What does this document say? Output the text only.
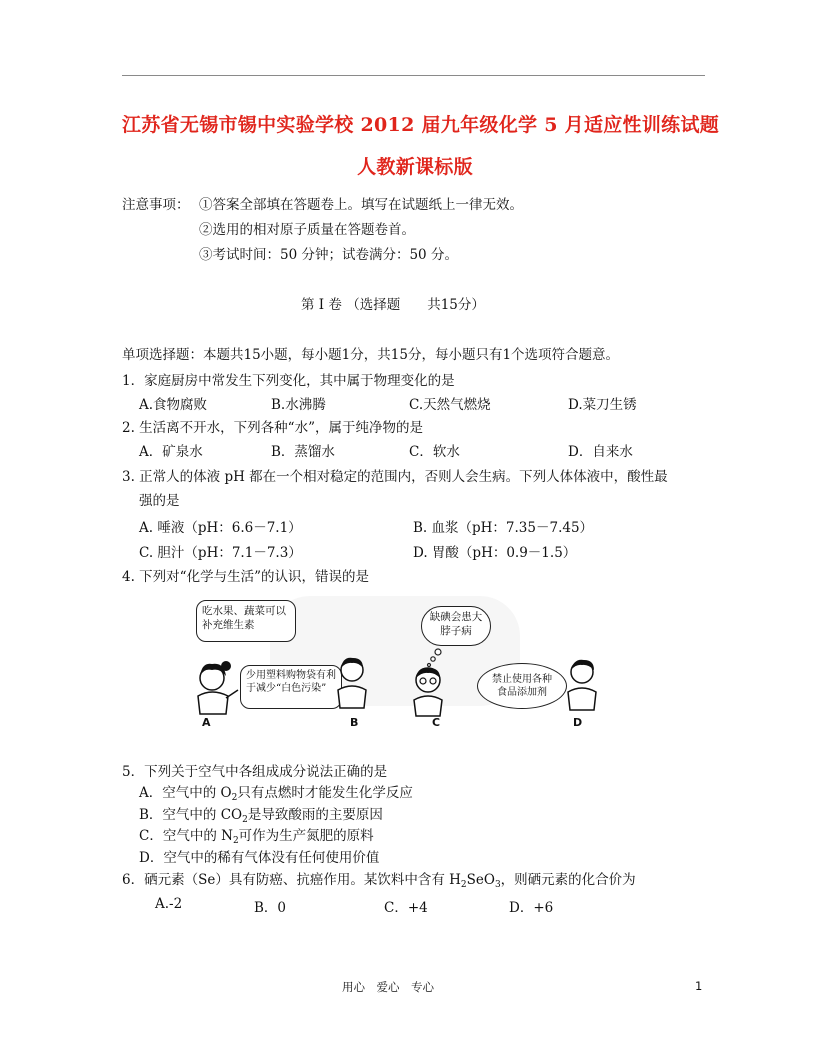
江苏省无锡市锡中实验学校 2012 届九年级化学 5 月适应性训练试题
人教新课标版
注意事项： ①答案全部填在答题卷上。填写在试题纸上一律无效。
②选用的相对原子质量在答题卷首。
③考试时间：50 分钟；试卷满分：50 分。
第 I 卷 （选择题　　共15分）
单项选择题：本题共15小题，每小题1分，共15分，每小题只有1个选项符合题意。
1．家庭厨房中常发生下列变化，其中属于物理变化的是
A.食物腐败	B.水沸腾	C.天然气燃烧	D.菜刀生锈
2. 生活离不开水，下列各种“水”，属于纯净物的是
A．矿泉水	B．蒸馏水	C．软水	D．自来水
3. 正常人的体液 pH 都在一个相对稳定的范围内，否则人会生病。下列人体体液中，酸性最
强的是
A. 唾液（pH：6.6－7.1）	B. 血浆（pH：7.35－7.45）
C. 胆汁（pH：7.1－7.3）	D. 胃酸（pH：0.9－1.5）
4. 下列对“化学与生活”的认识，错误的是
吃水果、蔬菜可以补充维生素
少用塑料购物袋有利于减少“白色污染”
缺碘会患大脖子病
禁止使用各种食品添加剂
A	B	C	D
5．下列关于空气中各组成成分说法正确的是
A．空气中的 $O_2$只有点燃时才能发生化学反应
B．空气中的 $CO_2$是导致酸雨的主要原因
C．空气中的 $N_2$可作为生产氮肥的原料
D．空气中的稀有气体没有任何使用价值
6．硒元素（Se）具有防癌、抗癌作用。某饮料中含有 $H_2SeO_3$，则硒元素的化合价为
A.-2	B．0	C．+4	D．+6
用心　爱心　专心	1
